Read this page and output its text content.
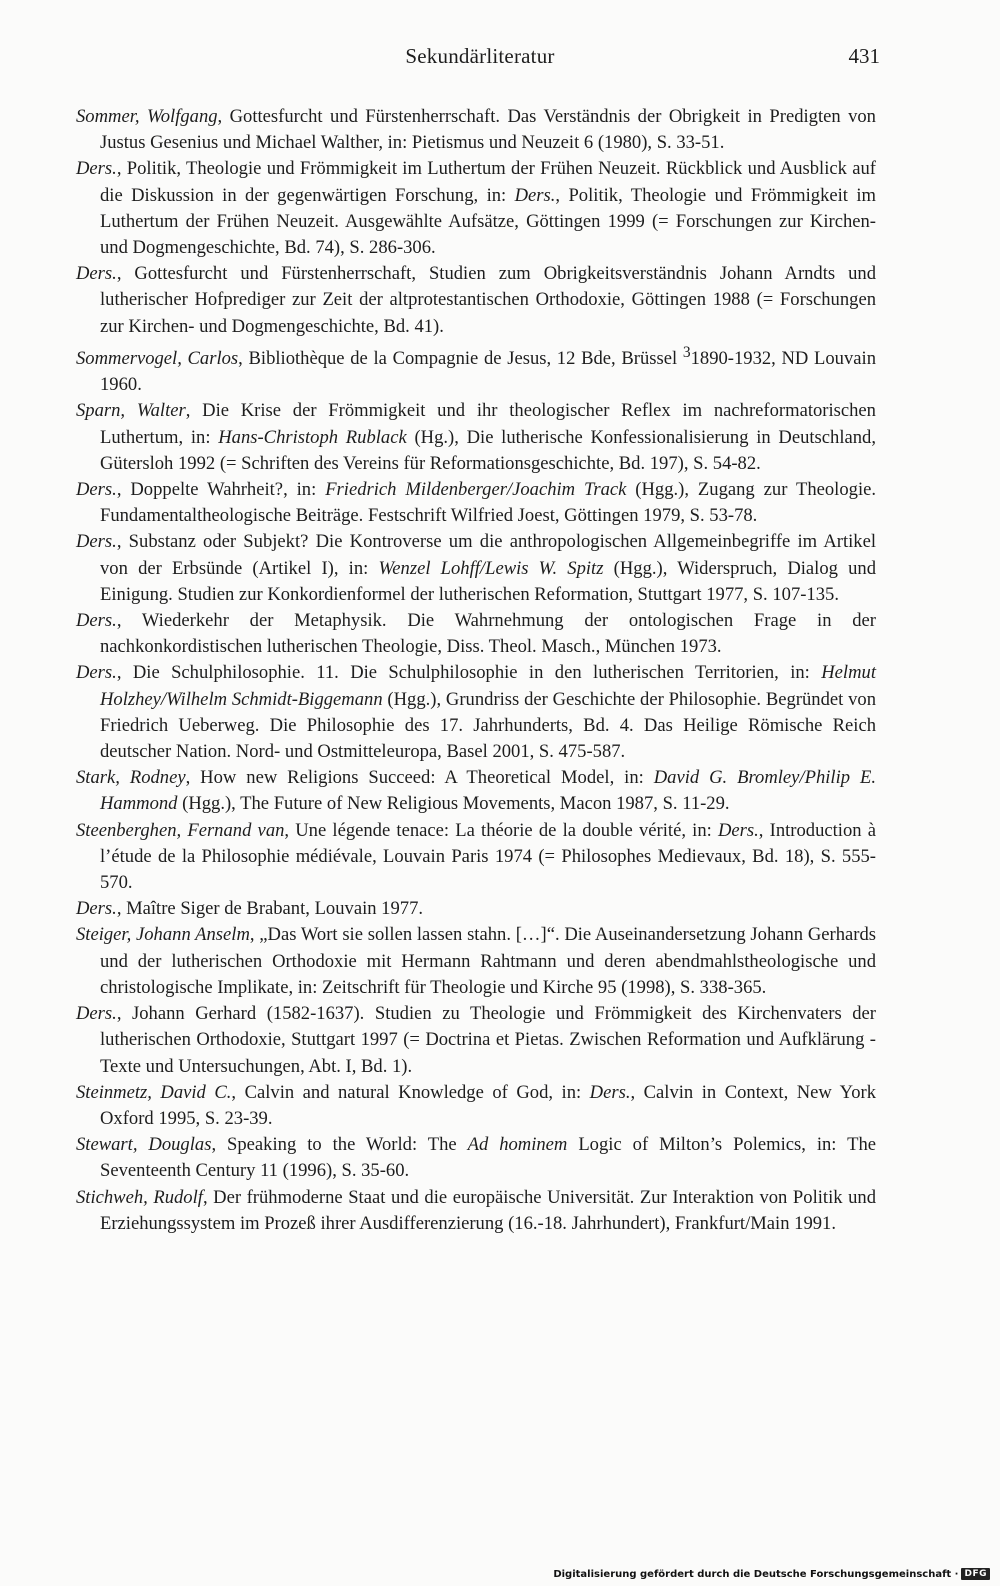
Sekundärliteratur	431

Sommer, Wolfgang, Gottesfurcht und Fürstenherrschaft. Das Verständnis der Obrigkeit in Predigten von Justus Gesenius und Michael Walther, in: Pietismus und Neuzeit 6 (1980), S. 33-51.

Ders., Politik, Theologie und Frömmigkeit im Luthertum der Frühen Neuzeit. Rückblick und Ausblick auf die Diskussion in der gegenwärtigen Forschung, in: Ders., Politik, Theologie und Frömmigkeit im Luthertum der Frühen Neuzeit. Ausgewählte Aufsätze, Göttingen 1999 (= Forschungen zur Kirchen- und Dogmengeschichte, Bd. 74), S. 286-306.

Ders., Gottesfurcht und Fürstenherrschaft, Studien zum Obrigkeitsverständnis Johann Arndts und lutherischer Hofprediger zur Zeit der altprotestantischen Orthodoxie, Göttingen 1988 (= Forschungen zur Kirchen- und Dogmengeschichte, Bd. 41).

Sommervogel, Carlos, Bibliothèque de la Compagnie de Jesus, 12 Bde, Brüssel $^3$1890-1932, ND Louvain 1960.

Sparn, Walter, Die Krise der Frömmigkeit und ihr theologischer Reflex im nachreformatorischen Luthertum, in: Hans-Christoph Rublack (Hg.), Die lutherische Konfessionalisierung in Deutschland, Gütersloh 1992 (= Schriften des Vereins für Reformationsgeschichte, Bd. 197), S. 54-82.

Ders., Doppelte Wahrheit?, in: Friedrich Mildenberger/Joachim Track (Hgg.), Zugang zur Theologie. Fundamentaltheologische Beiträge. Festschrift Wilfried Joest, Göttingen 1979, S. 53-78.

Ders., Substanz oder Subjekt? Die Kontroverse um die anthropologischen Allgemeinbegriffe im Artikel von der Erbsünde (Artikel I), in: Wenzel Lohff/Lewis W. Spitz (Hgg.), Widerspruch, Dialog und Einigung. Studien zur Konkordienformel der lutherischen Reformation, Stuttgart 1977, S. 107-135.

Ders., Wiederkehr der Metaphysik. Die Wahrnehmung der ontologischen Frage in der nachkonkordistischen lutherischen Theologie, Diss. Theol. Masch., München 1973.

Ders., Die Schulphilosophie. 11. Die Schulphilosophie in den lutherischen Territorien, in: Helmut Holzhey/Wilhelm Schmidt-Biggemann (Hgg.), Grundriss der Geschichte der Philosophie. Begründet von Friedrich Ueberweg. Die Philosophie des 17. Jahrhunderts, Bd. 4. Das Heilige Römische Reich deutscher Nation. Nord- und Ostmitteleuropa, Basel 2001, S. 475-587.

Stark, Rodney, How new Religions Succeed: A Theoretical Model, in: David G. Bromley/Philip E. Hammond (Hgg.), The Future of New Religious Movements, Macon 1987, S. 11-29.

Steenberghen, Fernand van, Une légende tenace: La théorie de la double vérité, in: Ders., Introduction à l’étude de la Philosophie médiévale, Louvain Paris 1974 (= Philosophes Medievaux, Bd. 18), S. 555-570.

Ders., Maître Siger de Brabant, Louvain 1977.

Steiger, Johann Anselm, „Das Wort sie sollen lassen stahn. […]“. Die Auseinandersetzung Johann Gerhards und der lutherischen Orthodoxie mit Hermann Rahtmann und deren abendmahlstheologische und christologische Implikate, in: Zeitschrift für Theologie und Kirche 95 (1998), S. 338-365.

Ders., Johann Gerhard (1582-1637). Studien zu Theologie und Frömmigkeit des Kirchenvaters der lutherischen Orthodoxie, Stuttgart 1997 (= Doctrina et Pietas. Zwischen Reformation und Aufklärung - Texte und Untersuchungen, Abt. I, Bd. 1).

Steinmetz, David C., Calvin and natural Knowledge of God, in: Ders., Calvin in Context, New York Oxford 1995, S. 23-39.

Stewart, Douglas, Speaking to the World: The Ad hominem Logic of Milton’s Polemics, in: The Seventeenth Century 11 (1996), S. 35-60.

Stichweh, Rudolf, Der frühmoderne Staat und die europäische Universität. Zur Interaktion von Politik und Erziehungssystem im Prozeß ihrer Ausdifferenzierung (16.-18. Jahrhundert), Frankfurt/Main 1991.

Digitalisierung gefördert durch die Deutsche Forschungsgemeinschaft · DFG
